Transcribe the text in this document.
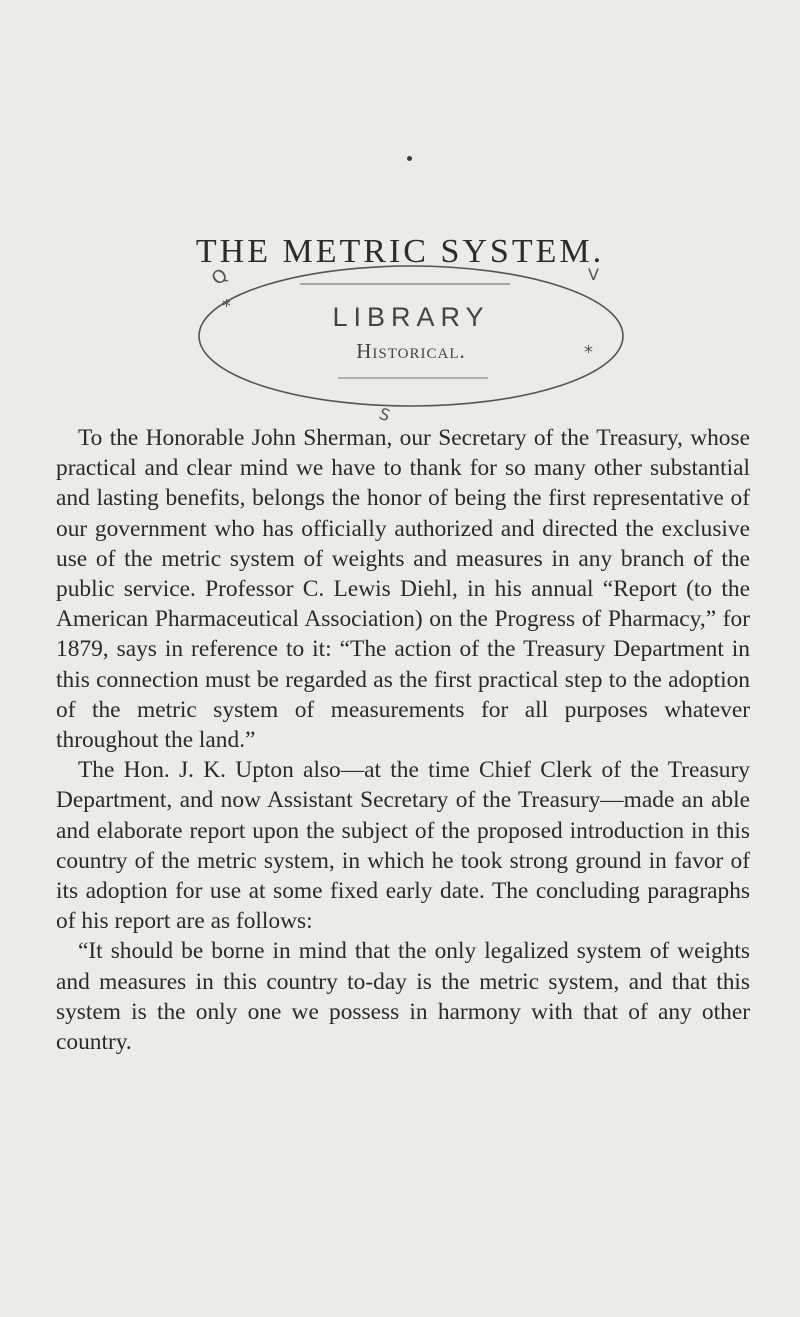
THE METRIC SYSTEM.
*
*
Q	V
S
LIBRARY
Historical.

To the Honorable John Sherman, our Secretary of the Treasury, whose practical and clear mind we have to thank for so many other substantial and lasting benefits, belongs the honor of being the first representative of our government who has officially authorized and directed the exclusive use of the metric system of weights and measures in any branch of the public service. Professor C. Lewis Diehl, in his annual “Report (to the American Pharmaceutical Association) on the Progress of Pharmacy,” for 1879, says in reference to it: “The action of the Treasury Department in this connection must be regarded as the first practical step to the adoption of the metric system of measurements for all purposes whatever throughout the land.”

The Hon. J. K. Upton also—at the time Chief Clerk of the Treasury Department, and now Assistant Secretary of the Treasury—made an able and elaborate report upon the subject of the proposed introduction in this country of the metric system, in which he took strong ground in favor of its adoption for use at some fixed early date. The concluding paragraphs of his report are as follows:

“It should be borne in mind that the only legalized system of weights and measures in this country to-day is the metric system, and that this system is the only one we possess in harmony with that of any other country.
